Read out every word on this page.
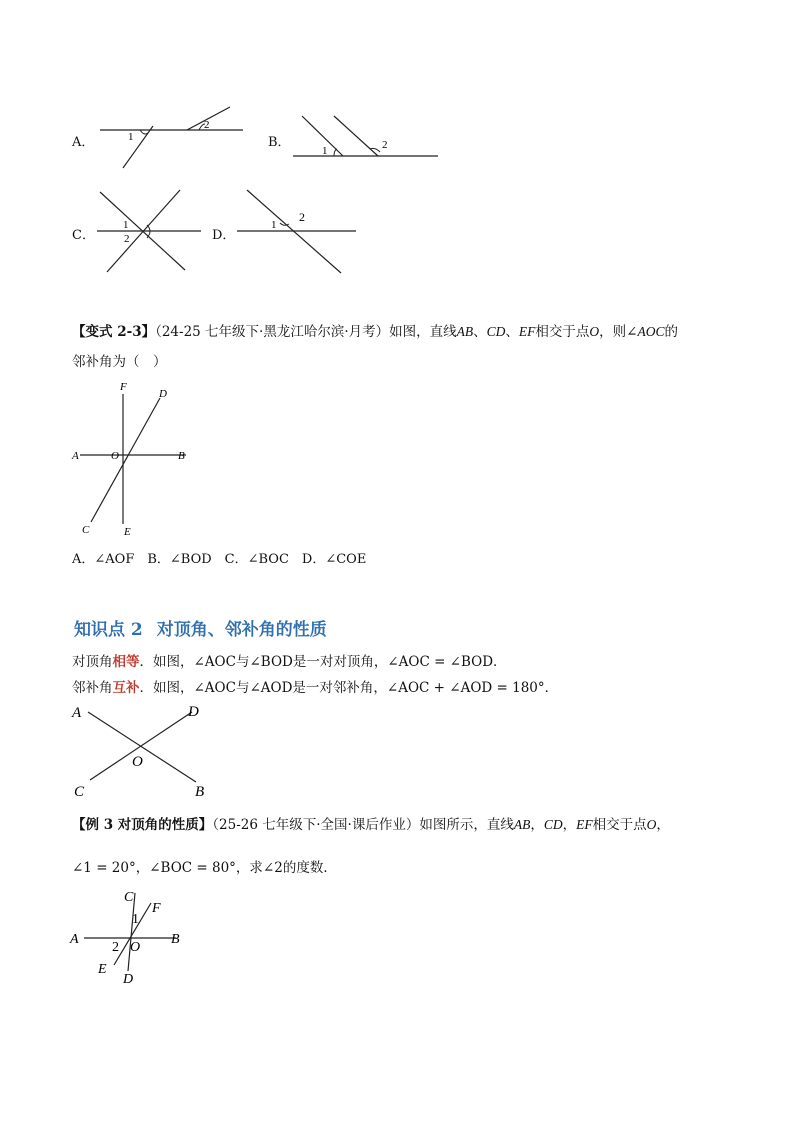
A．	1
2
B．
1	2
C．
1
2	D．
1
2
【变式 2-3】（24-25 七年级下·黑龙江哈尔滨·月考）如图，直线AB、CD、EF相交于点O，则∠AOC的
邻补角为（　）
F
D
A	O	B
C	E
A．∠AOF　B．∠BOD　C．∠BOC　D．∠COE
知识点 2 对顶角、邻补角的性质
对顶角相等．如图，∠AOC与∠BOD是一对对顶角，∠AOC = ∠BOD．
邻补角互补．如图，∠AOC与∠AOD是一对邻补角，∠AOC + ∠AOD = 180°．
A	D
O
C	B
【例 3 对顶角的性质】（25-26 七年级下·全国·课后作业）如图所示，直线AB，CD，EF相交于点O，
∠1 = 20°，∠BOC = 80°，求∠2的度数．
C
F
1
A
2 O
B
E
D
